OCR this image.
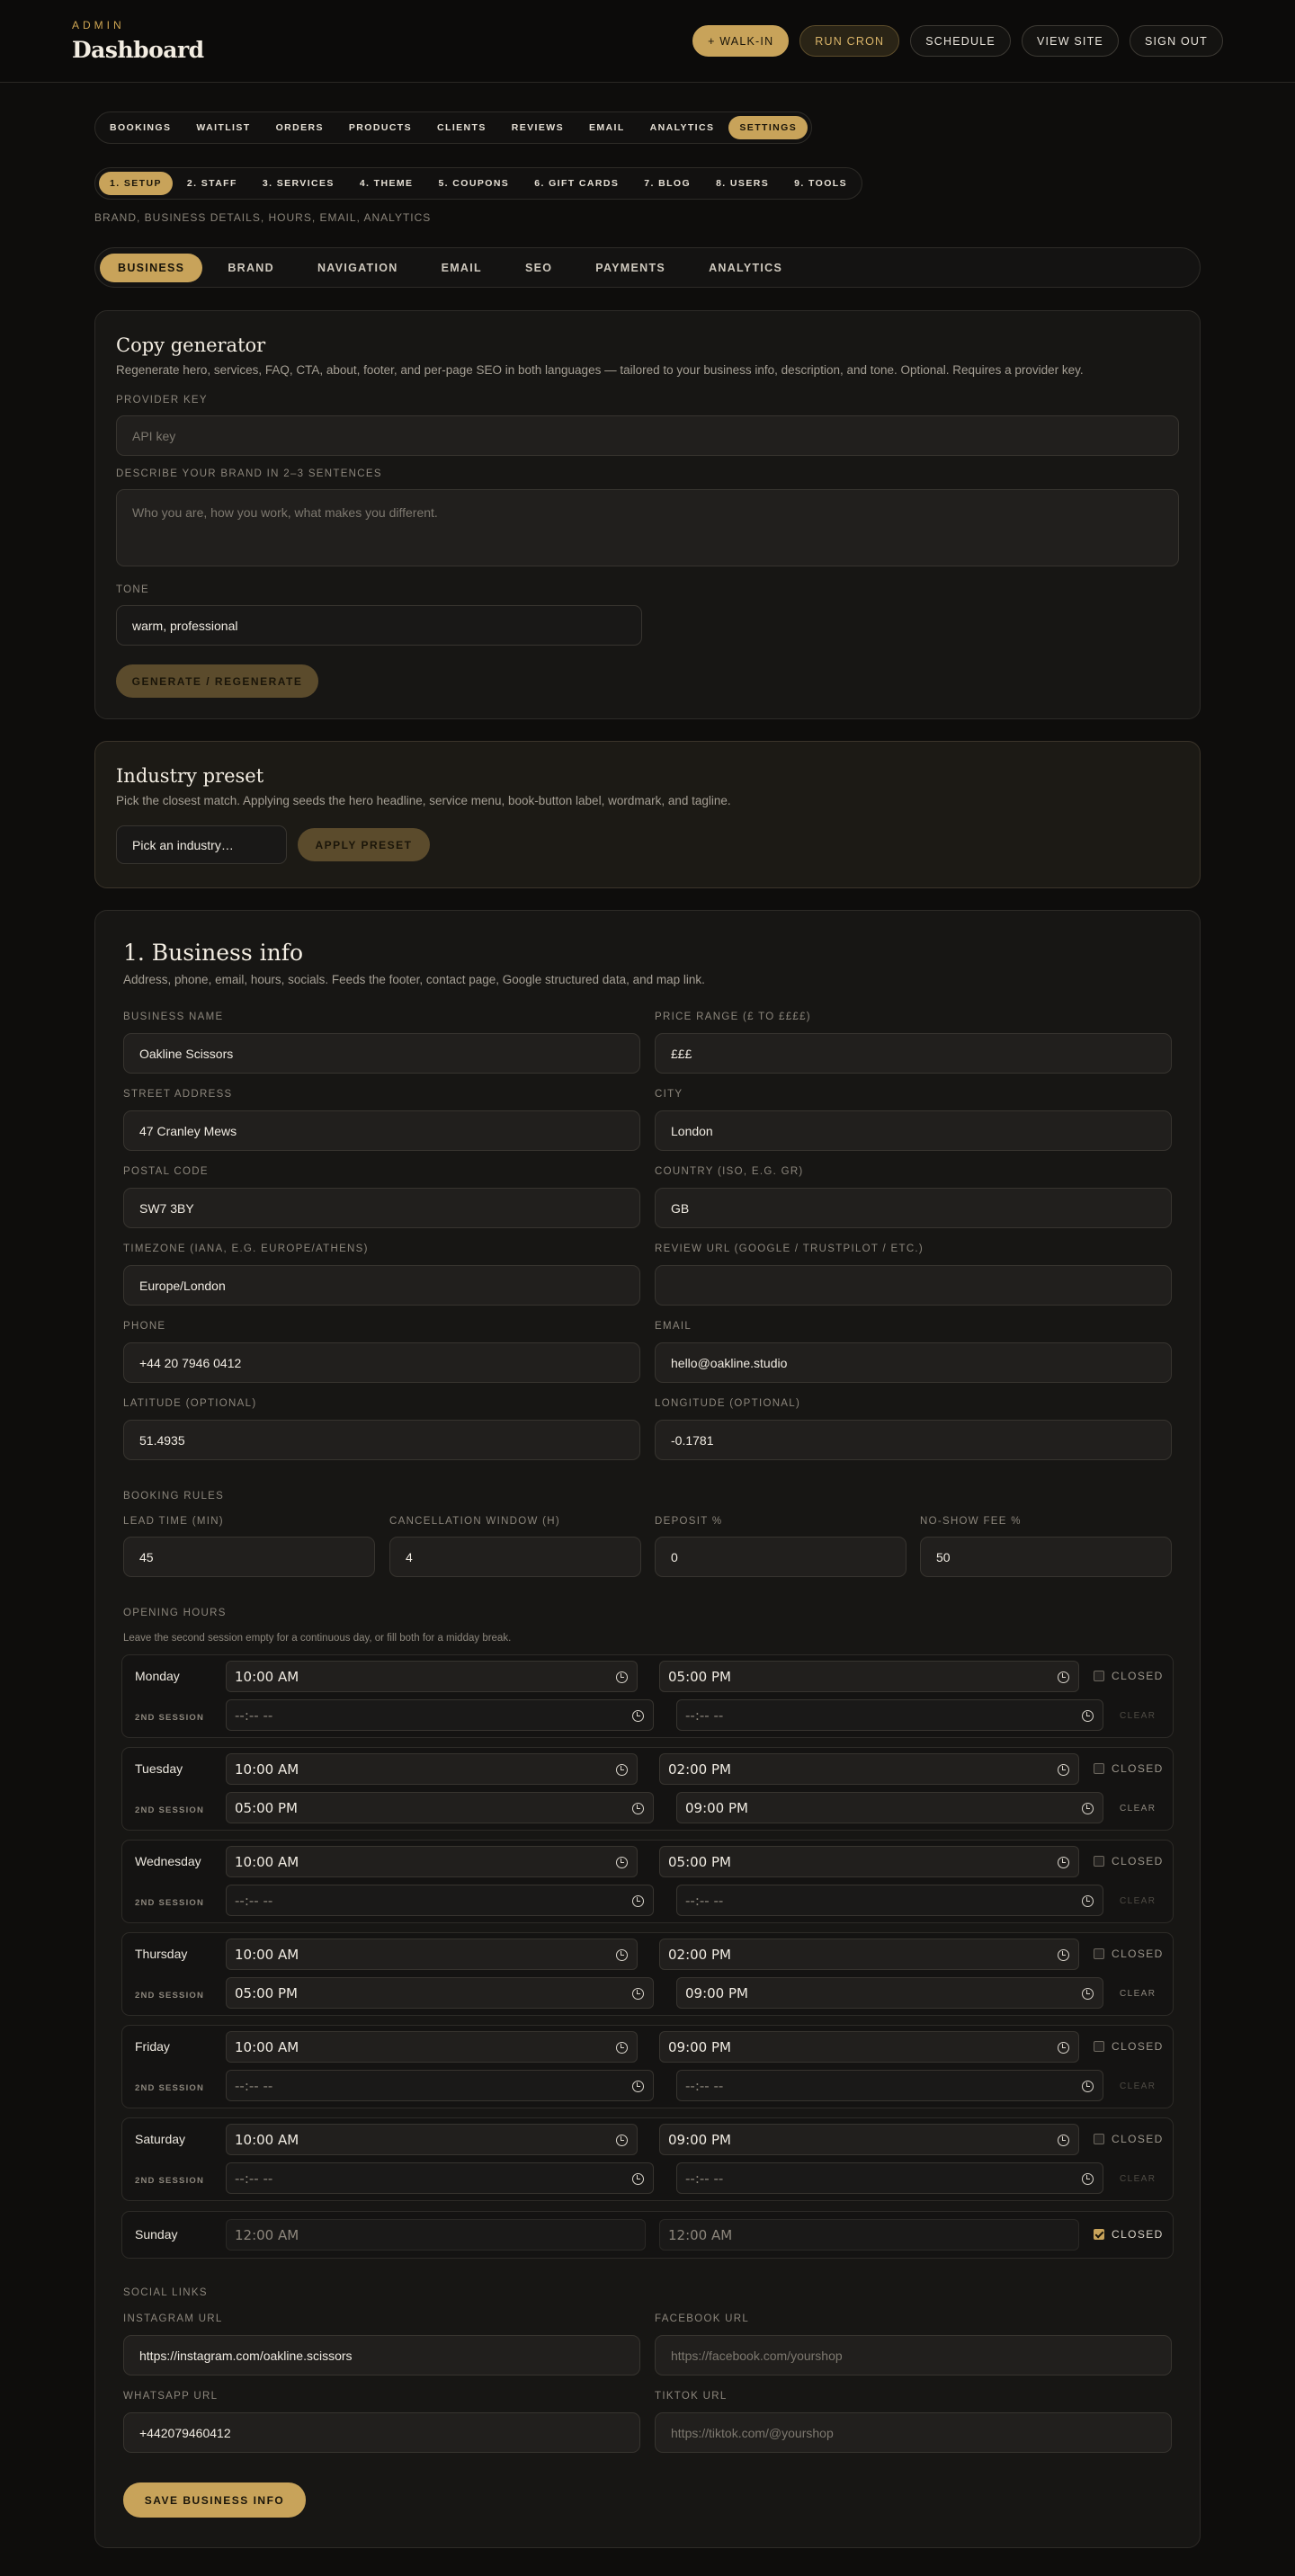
ADMIN
Dashboard	+ WALK-IN	RUN CRON	SCHEDULE	VIEW SITE	SIGN OUT
BOOKINGS	WAITLIST	ORDERS	PRODUCTS	CLIENTS	REVIEWS	EMAIL	ANALYTICS	SETTINGS
1. SETUP	2. STAFF	3. SERVICES	4. THEME	5. COUPONS	6. GIFT CARDS	7. BLOG	8. USERS	9. TOOLS
BRAND, BUSINESS DETAILS, HOURS, EMAIL, ANALYTICS
BUSINESS	BRAND	NAVIGATION	EMAIL	SEO	PAYMENTS	ANALYTICS
Copy generator
Regenerate hero, services, FAQ, CTA, about, footer, and per-page SEO in both languages — tailored to your business info, description, and tone. Optional. Requires a provider key.
PROVIDER KEY
API key
DESCRIBE YOUR BRAND IN 2–3 SENTENCES
Who you are, how you work, what makes you different.
TONE
warm, professional
GENERATE / REGENERATE
Industry preset
Pick the closest match. Applying seeds the hero headline, service menu, book-button label, wordmark, and tagline.
Pick an industry…	APPLY PRESET
1. Business info
Address, phone, email, hours, socials. Feeds the footer, contact page, Google structured data, and map link.
BUSINESS NAME
Oakline Scissors
PRICE RANGE (£ TO ££££)
£££
STREET ADDRESS
47 Cranley Mews
CITY
London
POSTAL CODE
SW7 3BY
COUNTRY (ISO, E.G. GR)
GB
TIMEZONE (IANA, E.G. EUROPE/ATHENS)
Europe/London
REVIEW URL (GOOGLE / TRUSTPILOT / ETC.)
PHONE
+44 20 7946 0412
EMAIL
hello@oakline.studio
LATITUDE (OPTIONAL)
51.4935
LONGITUDE (OPTIONAL)
-0.1781
BOOKING RULES
LEAD TIME (MIN)
45
CANCELLATION WINDOW (H)
4
DEPOSIT %
0
NO-SHOW FEE %
50
OPENING HOURS
Leave the second session empty for a continuous day, or fill both for a midday break.
SOCIAL LINKS
INSTAGRAM URL
https://instagram.com/oakline.scissors
FACEBOOK URL
https://facebook.com/yourshop
WHATSAPP URL
+442079460412
TIKTOK URL
https://tiktok.com/@yourshop
SAVE BUSINESS INFO
Monday	10:00 AM	05:00 PM	CLOSED
2ND SESSION --:-- --	--:-- --	CLEAR
Tuesday	10:00 AM	02:00 PM	CLOSED
2ND SESSION 05:00 PM	09:00 PM	CLEAR
Wednesday 10:00 AM	05:00 PM	CLOSED
2ND SESSION --:-- --	--:-- --	CLEAR
Thursday	10:00 AM	02:00 PM	CLOSED
2ND SESSION 05:00 PM	09:00 PM	CLEAR
Friday	10:00 AM	09:00 PM	CLOSED
2ND SESSION --:-- --	--:-- --	CLEAR
Saturday	10:00 AM	09:00 PM	CLOSED
2ND SESSION --:-- --	--:-- --	CLEAR
Sunday	12:00 AM	12:00 AM	CLOSED
